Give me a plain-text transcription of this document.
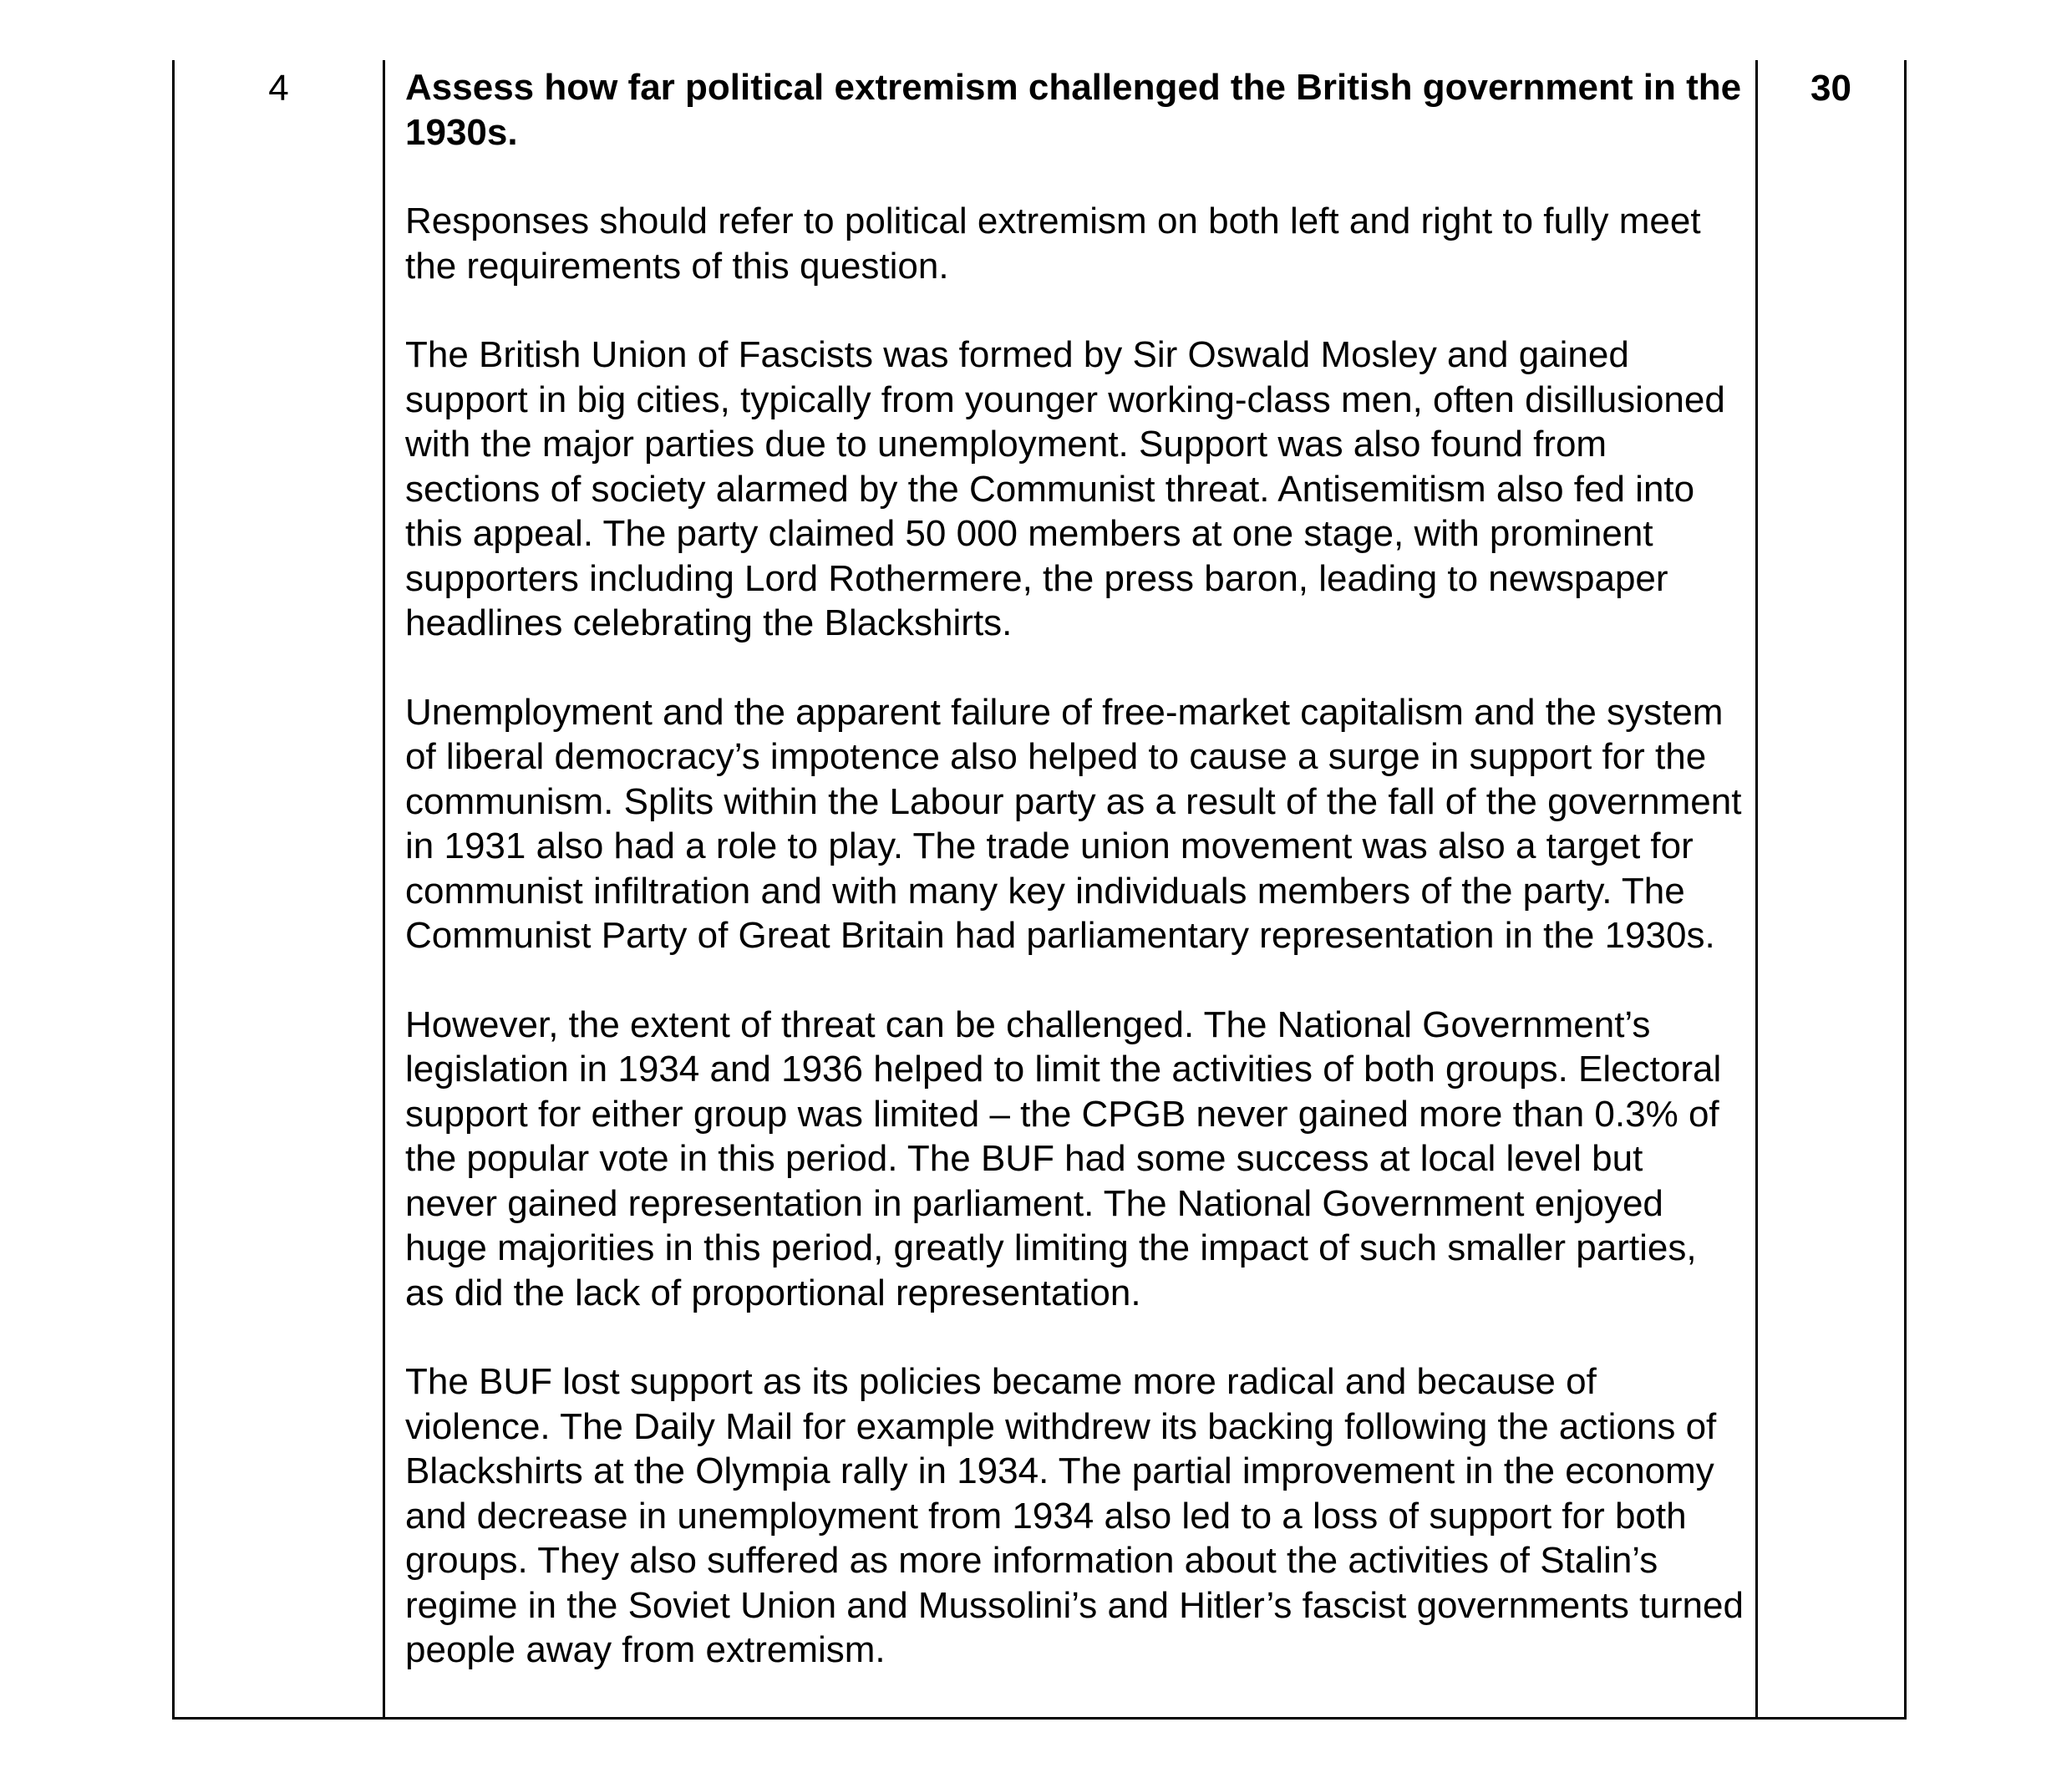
4	Assess how far political extremism challenged the British government in the 1930s.

Responses should refer to political extremism on both left and right to fully meet the requirements of this question.

The British Union of Fascists was formed by Sir Oswald Mosley and gained support in big cities, typically from younger working-class men, often disillusioned with the major parties due to unemployment. Support was also found from sections of society alarmed by the Communist threat. Antisemitism also fed into this appeal. The party claimed 50 000 members at one stage, with prominent supporters including Lord Rothermere, the press baron, leading to newspaper headlines celebrating the Blackshirts.

Unemployment and the apparent failure of free-market capitalism and the system of liberal democracy’s impotence also helped to cause a surge in support for the communism. Splits within the Labour party as a result of the fall of the government in 1931 also had a role to play. The trade union movement was also a target for communist infiltration and with many key individuals members of the party. The Communist Party of Great Britain had parliamentary representation in the 1930s.

However, the extent of threat can be challenged. The National Government’s legislation in 1934 and 1936 helped to limit the activities of both groups. Electoral support for either group was limited – the CPGB never gained more than 0.3% of the popular vote in this period. The BUF had some success at local level but never gained representation in parliament. The National Government enjoyed huge majorities in this period, greatly limiting the impact of such smaller parties, as did the lack of proportional representation.

The BUF lost support as its policies became more radical and because of violence. The Daily Mail for example withdrew its backing following the actions of Blackshirts at the Olympia rally in 1934. The partial improvement in the economy and decrease in unemployment from 1934 also led to a loss of support for both groups. They also suffered as more information about the activities of Stalin’s regime in the Soviet Union and Mussolini’s and Hitler’s fascist governments turned people away from extremism.

30
